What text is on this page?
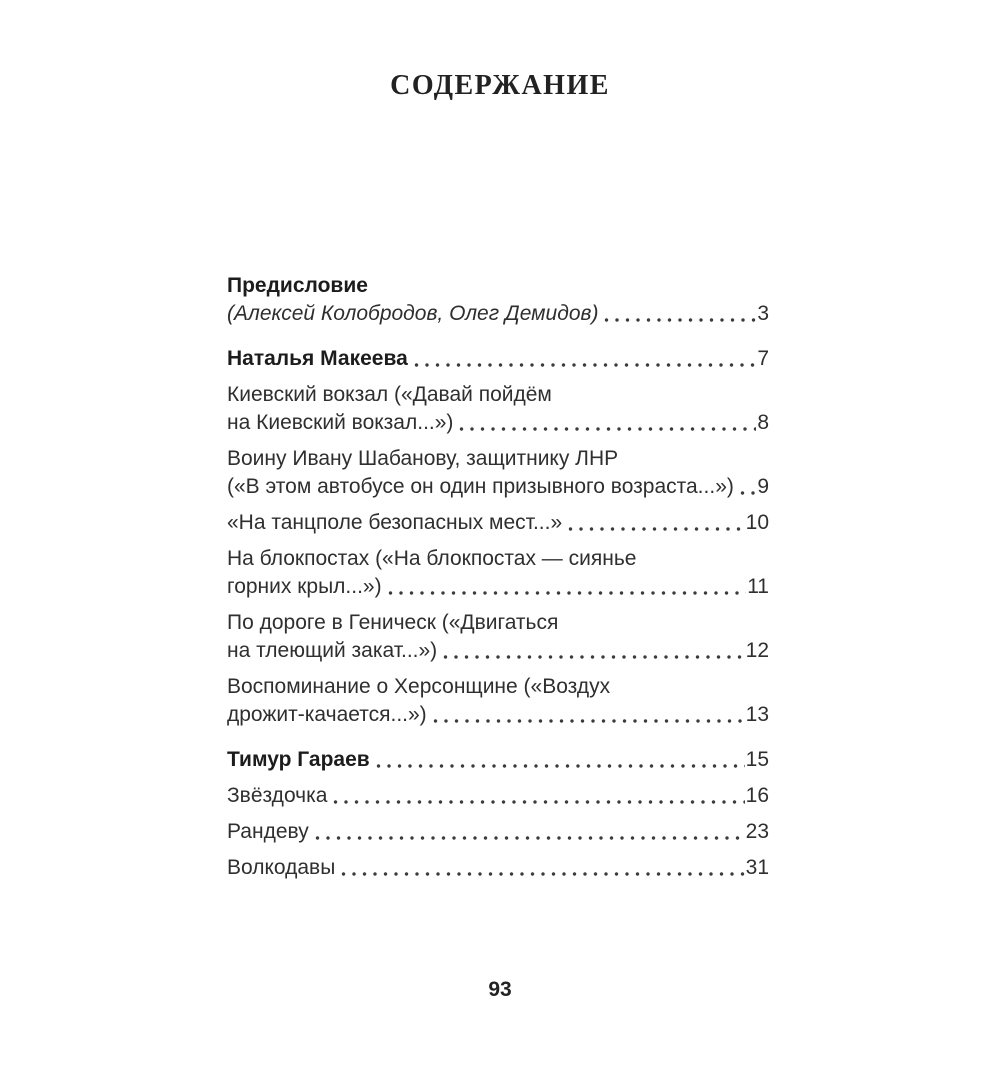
СОДЕРЖАНИЕ
Предисловие
(Алексей Колобродов, Олег Демидов)	3
Наталья Макеева	7
Киевский вокзал («Давай пойдём
на Киевский вокзал...»)	8
Воину Ивану Шабанову, защитнику ЛНР
(«В этом автобусе он один призывного возраста...») 9
«На танцполе безопасных мест...»	10
На блокпостах («На блокпостах — сиянье
горних крыл...»)	11
По дороге в Геническ («Двигаться
на тлеющий закат...»)	12
Воспоминание о Херсонщине («Воздух
дрожит-качается...»)	13
Тимур Гараев	15
Звёздочка	16
Рандеву	23
Волкодавы	31
93
